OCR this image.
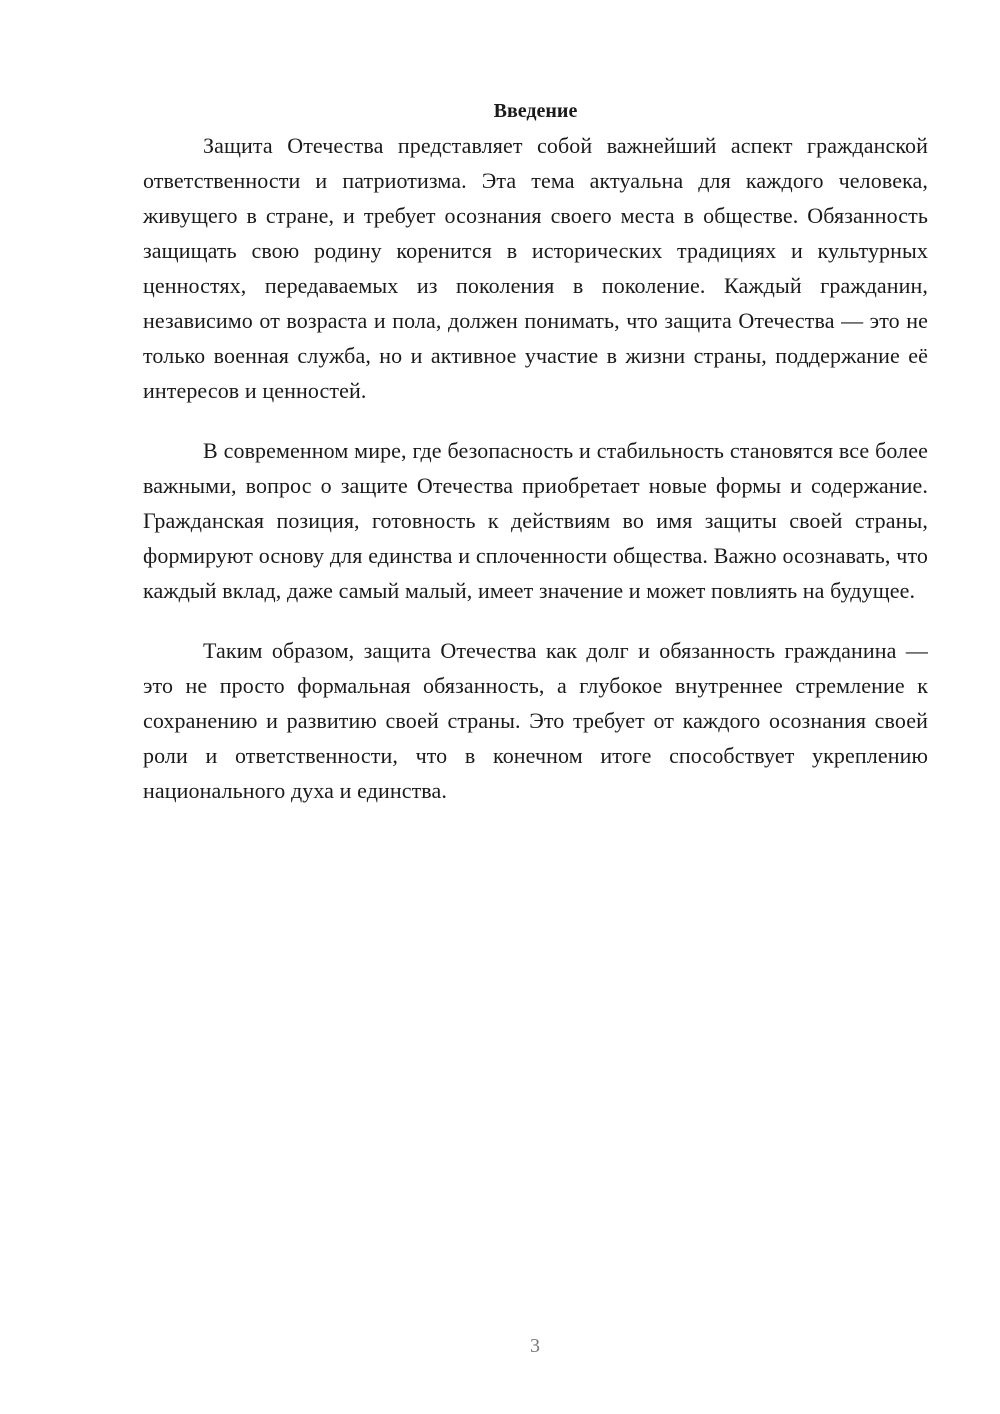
Введение

Защита Отечества представляет собой важнейший аспект гражданской ответственности и патриотизма. Эта тема актуальна для каждого человека, живущего в стране, и требует осознания своего места в обществе. Обязанность защищать свою родину коренится в исторических традициях и культурных ценностях, передаваемых из поколения в поколение. Каждый гражданин, независимо от возраста и пола, должен понимать, что защита Отечества — это не только военная служба, но и активное участие в жизни страны, поддержание её интересов и ценностей.

В современном мире, где безопасность и стабильность становятся все более важными, вопрос о защите Отечества приобретает новые формы и содержание. Гражданская позиция, готовность к действиям во имя защиты своей страны, формируют основу для единства и сплоченности общества. Важно осознавать, что каждый вклад, даже самый малый, имеет значение и может повлиять на будущее.

Таким образом, защита Отечества как долг и обязанность гражданина — это не просто формальная обязанность, а глубокое внутреннее стремление к сохранению и развитию своей страны. Это требует от каждого осознания своей роли и ответственности, что в конечном итоге способствует укреплению национального духа и единства.

3
